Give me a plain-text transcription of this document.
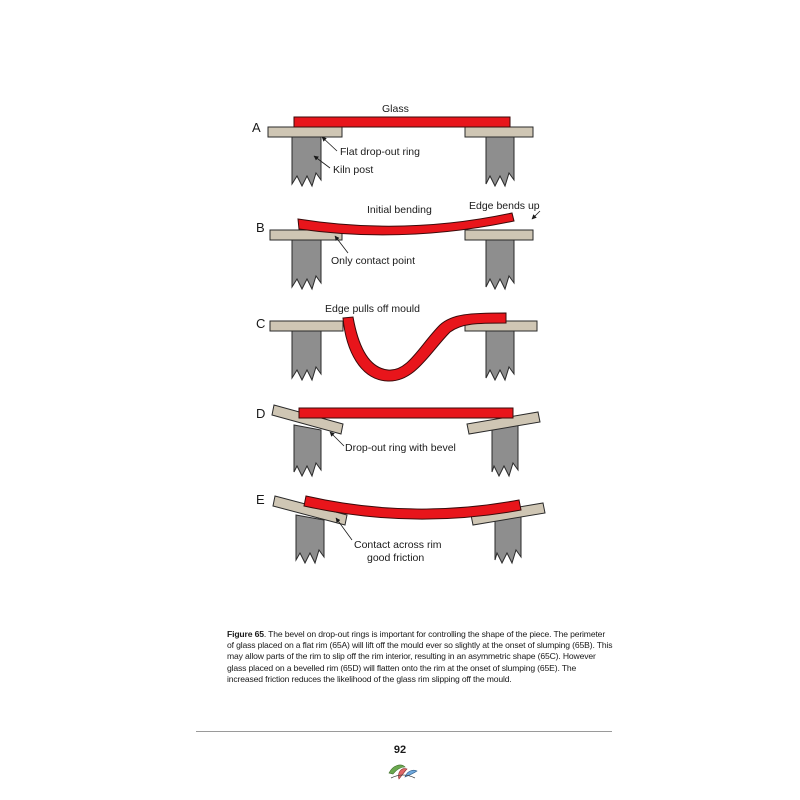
A
Glass
Flat drop-out ring
Kiln post
B
Initial bending	Edge bends up
Only contact point
C
Edge pulls off mould
D
Drop-out ring with bevel
E
Contact across rim
good friction
Figure 65. The bevel on drop-out rings is important for controlling the shape of the piece. The perimeter of glass placed on a flat rim (65A) will lift off the mould ever so slightly at the onset of slumping (65B). This may allow parts of the rim to slip off the rim interior, resulting in an asymmetric shape (65C). However glass placed on a bevelled rim (65D) will flatten onto the rim at the onset of slumping (65E). The increased friction reduces the likelihood of the glass rim slipping off the mould.
92
